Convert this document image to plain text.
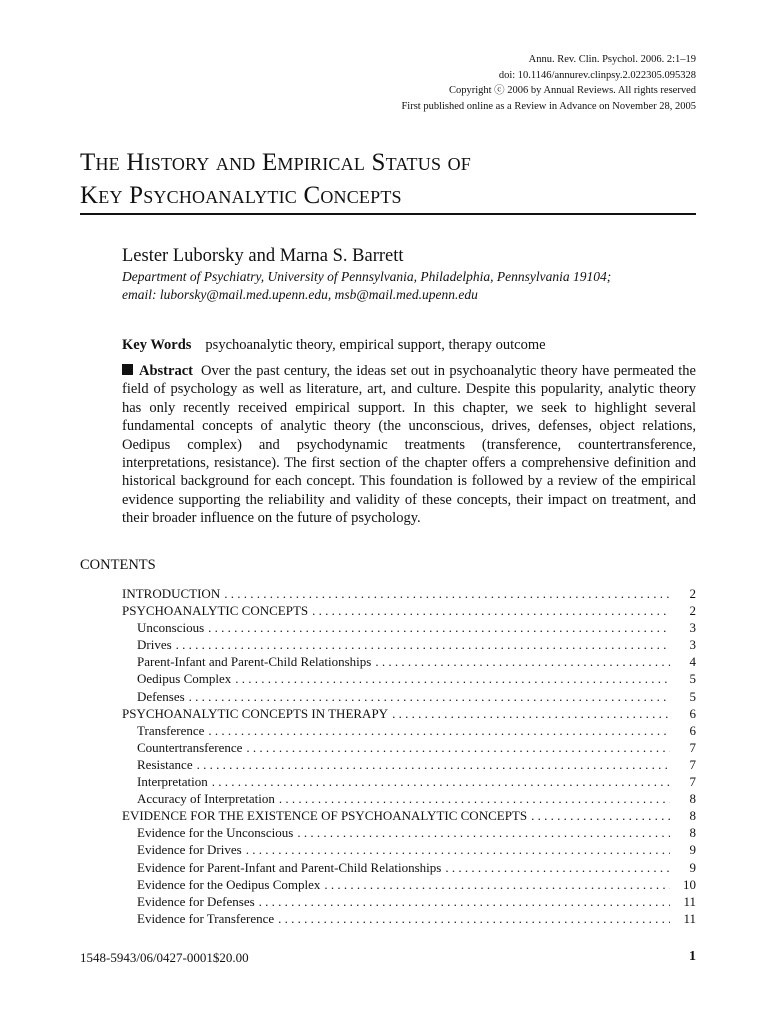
Annu. Rev. Clin. Psychol. 2006. 2:1–19
doi: 10.1146/annurev.clinpsy.2.022305.095328
Copyright ⓒ 2006 by Annual Reviews. All rights reserved
First published online as a Review in Advance on November 28, 2005
The History and Empirical Status of
Key Psychoanalytic Concepts
Lester Luborsky and Marna S. Barrett
Department of Psychiatry, University of Pennsylvania, Philadelphia, Pennsylvania 19104;
email: luborsky@mail.med.upenn.edu, msb@mail.med.upenn.edu
Key Words psychoanalytic theory, empirical support, therapy outcome
Abstract Over the past century, the ideas set out in psychoanalytic theory have permeated the field of psychology as well as literature, art, and culture. Despite this popularity, analytic theory has only recently received empirical support. In this chapter, we seek to highlight several fundamental concepts of analytic theory (the unconscious, drives, defenses, object relations, Oedipus complex) and psychodynamic treatments (transference, countertransference, interpretations, resistance). The first section of the chapter offers a comprehensive definition and historical background for each concept. This foundation is followed by a review of the empirical evidence supporting the reliability and validity of these concepts, their impact on treatment, and their broader influence on the future of psychology.
CONTENTS
INTRODUCTION . . .	2
PSYCHOANALYTIC CONCEPTS . . .	2
Unconscious . . .	3
Drives . . .	3
Parent-Infant and Parent-Child Relationships . . .	4
Oedipus Complex . . .	5
Defenses . . .	5
PSYCHOANALYTIC CONCEPTS IN THERAPY . . .	6
Transference . . .	6
Countertransference . . .	7
Resistance . . .	7
Interpretation . . .	7
Accuracy of Interpretation . . .	8
EVIDENCE FOR THE EXISTENCE OF PSYCHOANALYTIC CONCEPTS . . .	8
Evidence for the Unconscious . . .	8
Evidence for Drives . . .	9
Evidence for Parent-Infant and Parent-Child Relationships . . .	9
Evidence for the Oedipus Complex . . .	10
Evidence for Defenses . . .	11
Evidence for Transference . . .	11
1548-5943/06/0427-0001$20.00	1
